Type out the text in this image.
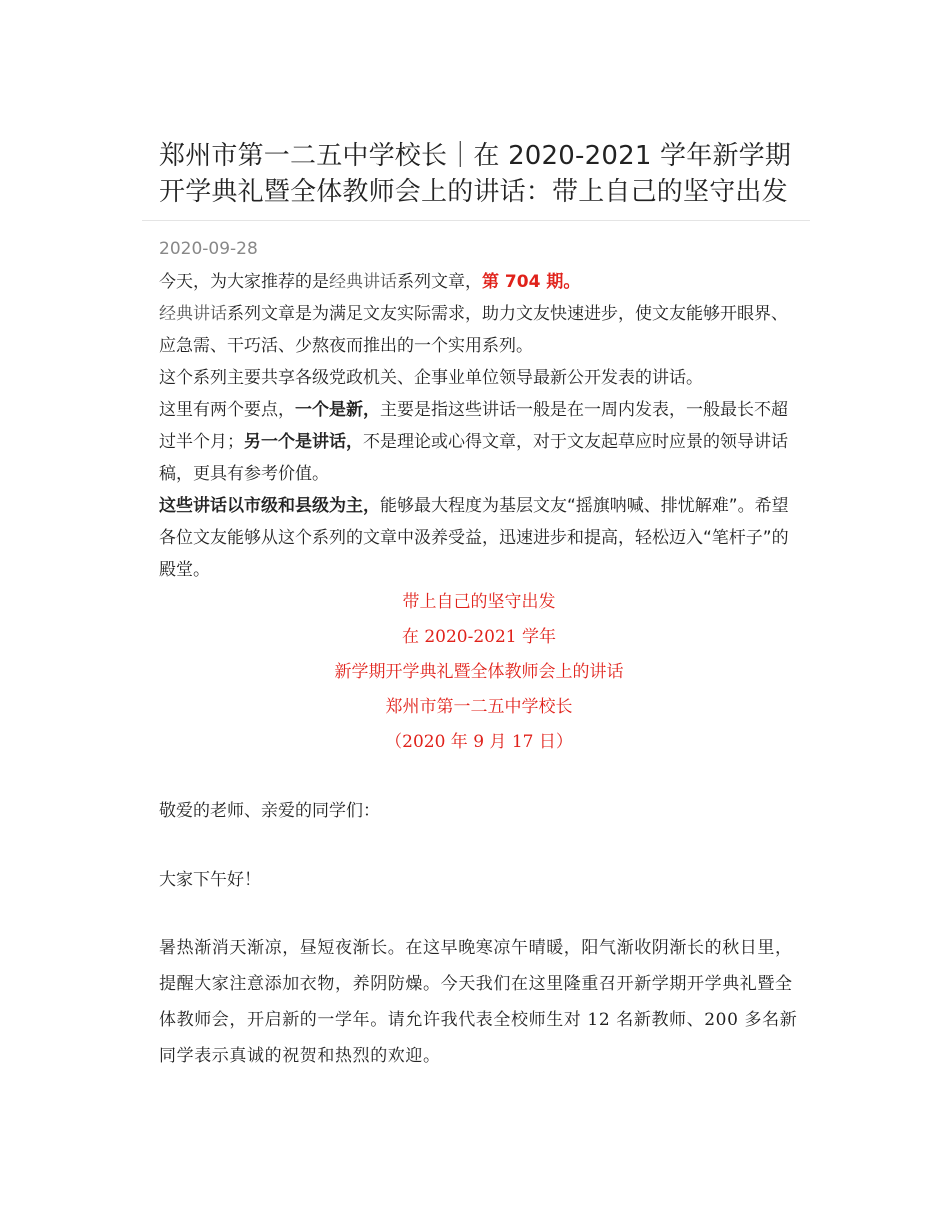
郑州市第一二五中学校长｜在 2020-2021 学年新学期
开学典礼暨全体教师会上的讲话：带上自己的坚守出发
2020-09-28

今天，为大家推荐的是经典讲话系列文章，第 704 期。

经典讲话系列文章是为满足文友实际需求，助力文友快速进步，使文友能够开眼界、应急需、干巧活、少熬夜而推出的一个实用系列。

这个系列主要共享各级党政机关、企事业单位领导最新公开发表的讲话。

这里有两个要点，一个是新，主要是指这些讲话一般是在一周内发表，一般最长不超过半个月；另一个是讲话，不是理论或心得文章，对于文友起草应时应景的领导讲话稿，更具有参考价值。

这些讲话以市级和县级为主，能够最大程度为基层文友“摇旗呐喊、排忧解难”。希望各位文友能够从这个系列的文章中汲养受益，迅速进步和提高，轻松迈入“笔杆子”的殿堂。

带上自己的坚守出发

在 2020-2021 学年

新学期开学典礼暨全体教师会上的讲话

郑州市第一二五中学校长

（2020 年 9 月 17 日）

敬爱的老师、亲爱的同学们：

大家下午好！

暑热渐消天渐凉，昼短夜渐长。在这早晚寒凉午晴暖，阳气渐收阴渐长的秋日里，提醒大家注意添加衣物，养阴防燥。今天我们在这里隆重召开新学期开学典礼暨全体教师会，开启新的一学年。请允许我代表全校师生对 12 名新教师、200 多名新同学表示真诚的祝贺和热烈的欢迎。
